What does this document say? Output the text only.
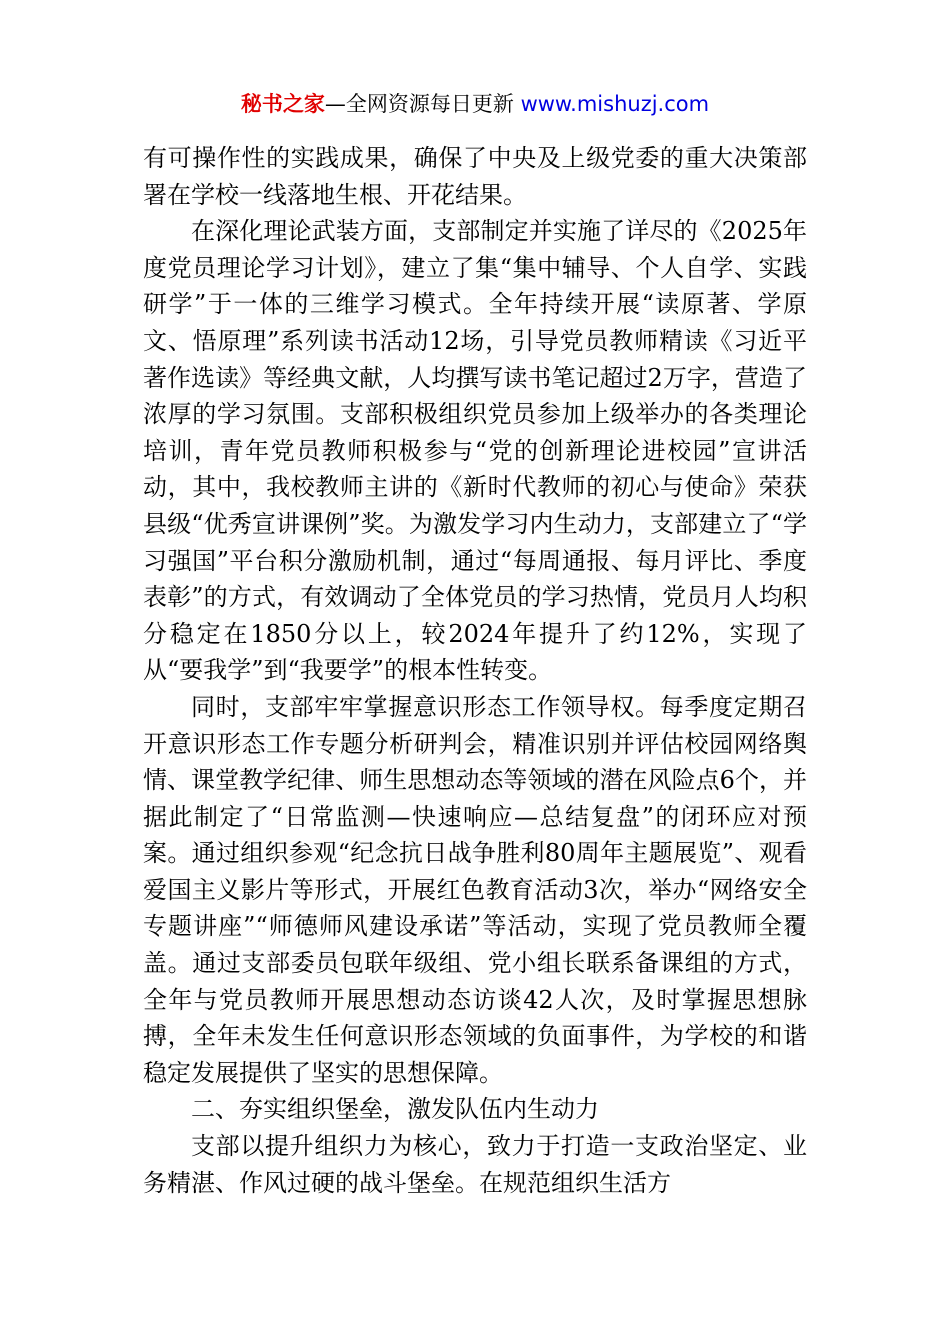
秘书之家—全网资源每日更新 www.mishuzj.com

有可操作性的实践成果，确保了中央及上级党委的重大决策部署在学校一线落地生根、开花结果。

在深化理论武装方面，支部制定并实施了详尽的《2025年度党员理论学习计划》，建立了集“集中辅导、个人自学、实践研学”于一体的三维学习模式。全年持续开展“读原著、学原文、悟原理”系列读书活动12场，引导党员教师精读《习近平著作选读》等经典文献，人均撰写读书笔记超过2万字，营造了浓厚的学习氛围。支部积极组织党员参加上级举办的各类理论培训，青年党员教师积极参与“党的创新理论进校园”宣讲活动，其中，我校教师主讲的《新时代教师的初心与使命》荣获县级“优秀宣讲课例”奖。为激发学习内生动力，支部建立了“学习强国”平台积分激励机制，通过“每周通报、每月评比、季度表彰”的方式，有效调动了全体党员的学习热情，党员月人均积分稳定在1850分以上，较2024年提升了约12%，实现了从“要我学”到“我要学”的根本性转变。

同时，支部牢牢掌握意识形态工作领导权。每季度定期召开意识形态工作专题分析研判会，精准识别并评估校园网络舆情、课堂教学纪律、师生思想动态等领域的潜在风险点6个，并据此制定了“日常监测—快速响应—总结复盘”的闭环应对预案。通过组织参观“纪念抗日战争胜利80周年主题展览”、观看爱国主义影片等形式，开展红色教育活动3次，举办“网络安全专题讲座”“师德师风建设承诺”等活动，实现了党员教师全覆盖。通过支部委员包联年级组、党小组长联系备课组的方式，全年与党员教师开展思想动态访谈42人次，及时掌握思想脉搏，全年未发生任何意识形态领域的负面事件，为学校的和谐稳定发展提供了坚实的思想保障。

二、夯实组织堡垒，激发队伍内生动力

支部以提升组织力为核心，致力于打造一支政治坚定、业务精湛、作风过硬的战斗堡垒。在规范组织生活方
